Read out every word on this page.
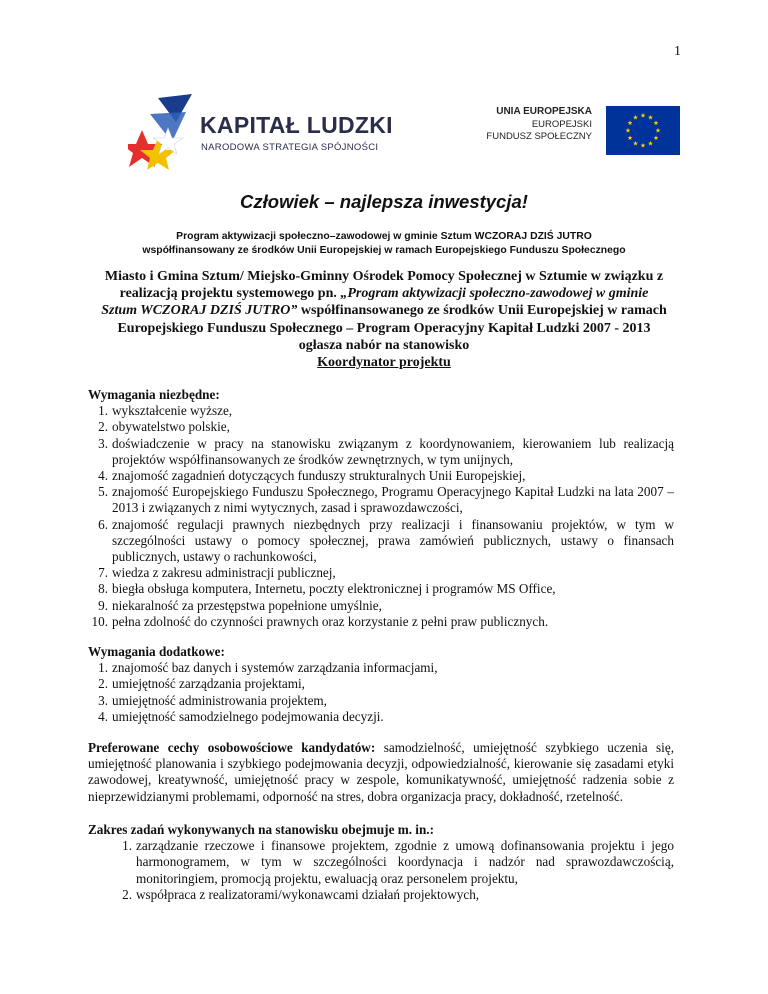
1
KAPITAŁ LUDZKI
NARODOWA STRATEGIA SPÓJNOŚCI
UNIA EUROPEJSKA
EUROPEJSKI
FUNDUSZ SPOŁECZNY
Człowiek – najlepsza inwestycja!
Program aktywizacji społeczno–zawodowej w gminie Sztum WCZORAJ DZIŚ JUTRO
współfinansowany ze środków Unii Europejskiej w ramach Europejskiego Funduszu Społecznego
Miasto i Gmina Sztum/ Miejsko-Gminny Ośrodek Pomocy Społecznej w Sztumie w związku z realizacją projektu systemowego pn. „Program aktywizacji społeczno-zawodowej w gminie Sztum WCZORAJ DZIŚ JUTRO” współfinansowanego ze środków Unii Europejskiej w ramach Europejskiego Funduszu Społecznego – Program Operacyjny Kapitał Ludzki 2007 - 2013
ogłasza nabór na stanowisko
Koordynator projektu
Wymagania niezbędne:
1. wykształcenie wyższe,
2. obywatelstwo polskie,
3. doświadczenie w pracy na stanowisku związanym z koordynowaniem, kierowaniem lub realizacją projektów współfinansowanych ze środków zewnętrznych, w tym unijnych,
4. znajomość zagadnień dotyczących funduszy strukturalnych Unii Europejskiej,
5. znajomość Europejskiego Funduszu Społecznego, Programu Operacyjnego Kapitał Ludzki na lata 2007 – 2013 i związanych z nimi wytycznych, zasad i sprawozdawczości,
6. znajomość regulacji prawnych niezbędnych przy realizacji i finansowaniu projektów, w tym w szczególności ustawy o pomocy społecznej, prawa zamówień publicznych, ustawy o finansach publicznych, ustawy o rachunkowości,
7. wiedza z zakresu administracji publicznej,
8. biegła obsługa komputera, Internetu, poczty elektronicznej i programów MS Office,
9. niekaralność za przestępstwa popełnione umyślnie,
10. pełna zdolność do czynności prawnych oraz korzystanie z pełni praw publicznych.
Wymagania dodatkowe:
1. znajomość baz danych i systemów zarządzania informacjami,
2. umiejętność zarządzania projektami,
3. umiejętność administrowania projektem,
4. umiejętność samodzielnego podejmowania decyzji.
Preferowane cechy osobowościowe kandydatów: samodzielność, umiejętność szybkiego uczenia się, umiejętność planowania i szybkiego podejmowania decyzji, odpowiedzialność, kierowanie się zasadami etyki zawodowej, kreatywność, umiejętność pracy w zespole, komunikatywność, umiejętność radzenia sobie z nieprzewidzianymi problemami, odporność na stres, dobra organizacja pracy, dokładność, rzetelność.
Zakres zadań wykonywanych na stanowisku obejmuje m. in.:
1. zarządzanie rzeczowe i finansowe projektem, zgodnie z umową dofinansowania projektu i jego harmonogramem, w tym w szczególności koordynacja i nadzór nad sprawozdawczością, monitoringiem, promocją projektu, ewaluacją oraz personelem projektu,
2. współpraca z realizatorami/wykonawcami działań projektowych,
